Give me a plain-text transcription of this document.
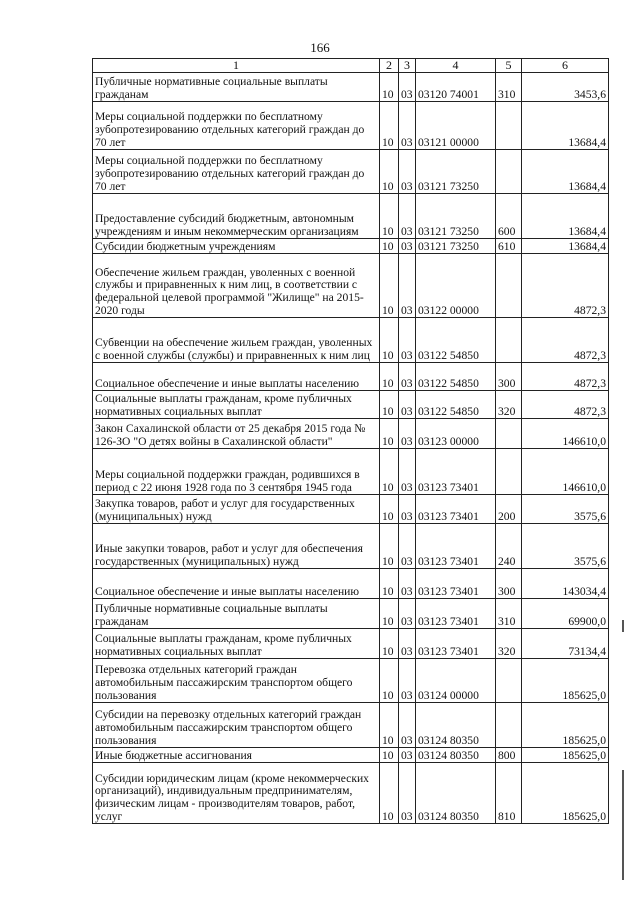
166
1	2	3	4	5	6
Публичные нормативные социальные выплаты гражданам	10	03	03120 74001	310	3453,6
Меры социальной поддержки по бесплатному зубопротезированию отдельных категорий граждан до 70 лет	10	03	03121 00000		13684,4
Меры социальной поддержки по бесплатному зубопротезированию отдельных категорий граждан до 70 лет	10	03	03121 73250		13684,4
Предоставление субсидий бюджетным, автономным учреждениям и иным некоммерческим организациям	10	03	03121 73250	600	13684,4
Субсидии бюджетным учреждениям	10	03	03121 73250	610	13684,4
Обеспечение жильем граждан, уволенных с военной службы и приравненных к ним лиц, в соответствии с федеральной целевой программой "Жилище" на 2015-2020 годы	10	03	03122 00000		4872,3
Субвенции на обеспечение жильем граждан, уволенных с военной службы (службы) и приравненных к ним лиц	10	03	03122 54850		4872,3
Социальное обеспечение и иные выплаты населению	10	03	03122 54850	300	4872,3
Социальные выплаты гражданам, кроме публичных нормативных социальных выплат	10	03	03122 54850	320	4872,3
Закон Сахалинской области от 25 декабря 2015 года № 126-ЗО "О детях войны в Сахалинской области"	10	03	03123 00000		146610,0
Меры социальной поддержки граждан, родившихся в период с 22 июня 1928 года по 3 сентября 1945 года	10	03	03123 73401		146610,0
Закупка товаров, работ и услуг для государственных (муниципальных) нужд	10	03	03123 73401	200	3575,6
Иные закупки товаров, работ и услуг для обеспечения государственных (муниципальных) нужд	10	03	03123 73401	240	3575,6
Социальное обеспечение и иные выплаты населению	10	03	03123 73401	300	143034,4
Публичные нормативные социальные выплаты гражданам	10	03	03123 73401	310	69900,0
Социальные выплаты гражданам, кроме публичных нормативных социальных выплат	10	03	03123 73401	320	73134,4
Перевозка отдельных категорий граждан автомобильным пассажирским транспортом общего пользования	10	03	03124 00000		185625,0
Субсидии на перевозку отдельных категорий граждан автомобильным пассажирским транспортом общего пользования	10	03	03124 80350		185625,0
Иные бюджетные ассигнования	10	03	03124 80350	800	185625,0
Субсидии юридическим лицам (кроме некоммерческих организаций), индивидуальным предпринимателям, физическим лицам - производителям товаров, работ, услуг	10	03	03124 80350	810	185625,0
